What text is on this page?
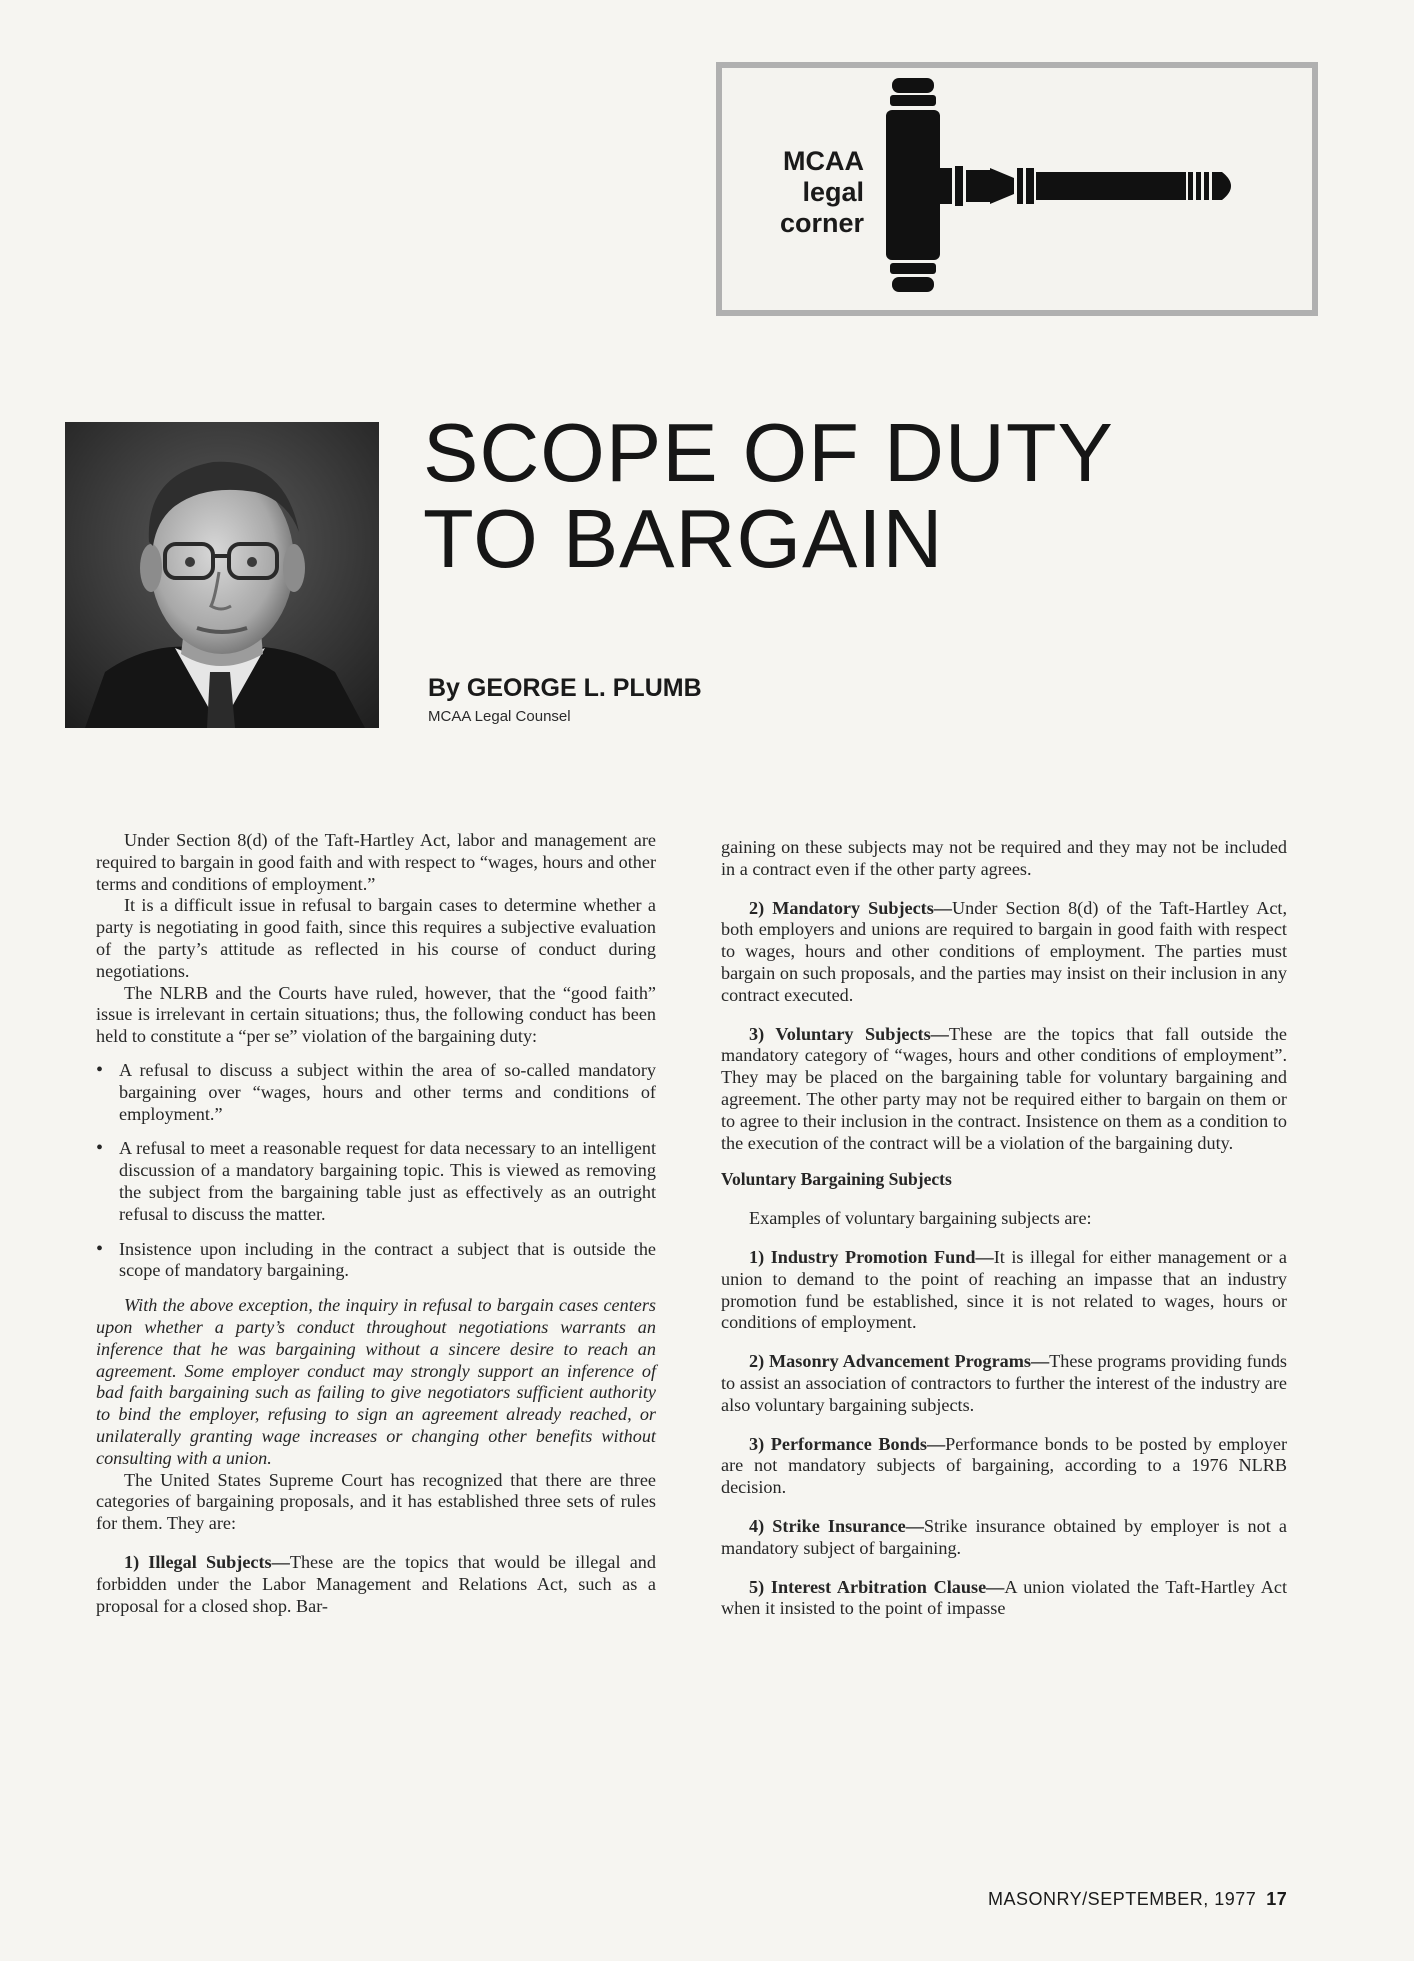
MCAA
legal
corner
SCOPE OF DUTY
TO BARGAIN
By GEORGE L. PLUMB
MCAA Legal Counsel

Under Section 8(d) of the Taft-Hartley Act, labor and management are required to bargain in good faith and with respect to “wages, hours and other terms and conditions of employment.”

It is a difficult issue in refusal to bargain cases to determine whether a party is negotiating in good faith, since this requires a subjective evaluation of the party’s attitude as reflected in his course of conduct during negotiations.

The NLRB and the Courts have ruled, however, that the “good faith” issue is irrelevant in certain situations; thus, the following conduct has been held to constitute a “per se” violation of the bargaining duty:

• A refusal to discuss a subject within the area of so-called mandatory bargaining over “wages, hours and other terms and conditions of employment.”
• A refusal to meet a reasonable request for data necessary to an intelligent discussion of a mandatory bargaining topic. This is viewed as removing the subject from the bargaining table just as effectively as an outright refusal to discuss the matter.
• Insistence upon including in the contract a subject that is outside the scope of mandatory bargaining.

With the above exception, the inquiry in refusal to bargain cases centers upon whether a party’s conduct throughout negotiations warrants an inference that he was bargaining without a sincere desire to reach an agreement. Some employer conduct may strongly support an inference of bad faith bargaining such as failing to give negotiators sufficient authority to bind the employer, refusing to sign an agreement already reached, or unilaterally granting wage increases or changing other benefits without consulting with a union.

The United States Supreme Court has recognized that there are three categories of bargaining proposals, and it has established three sets of rules for them. They are:

1) Illegal Subjects—These are the topics that would be illegal and forbidden under the Labor Management and Relations Act, such as a proposal for a closed shop. Bar-

gaining on these subjects may not be required and they may not be included in a contract even if the other party agrees.

2) Mandatory Subjects—Under Section 8(d) of the Taft-Hartley Act, both employers and unions are required to bargain in good faith with respect to wages, hours and other conditions of employment. The parties must bargain on such proposals, and the parties may insist on their inclusion in any contract executed.

3) Voluntary Subjects—These are the topics that fall outside the mandatory category of “wages, hours and other conditions of employment”. They may be placed on the bargaining table for voluntary bargaining and agreement. The other party may not be required either to bargain on them or to agree to their inclusion in the contract. Insistence on them as a condition to the execution of the contract will be a violation of the bargaining duty.

Voluntary Bargaining Subjects

Examples of voluntary bargaining subjects are:

1) Industry Promotion Fund—It is illegal for either management or a union to demand to the point of reaching an impasse that an industry promotion fund be established, since it is not related to wages, hours or conditions of employment.

2) Masonry Advancement Programs—These programs providing funds to assist an association of contractors to further the interest of the industry are also voluntary bargaining subjects.

3) Performance Bonds—Performance bonds to be posted by employer are not mandatory subjects of bargaining, according to a 1976 NLRB decision.

4) Strike Insurance—Strike insurance obtained by employer is not a mandatory subject of bargaining.

5) Interest Arbitration Clause—A union violated the Taft-Hartley Act when it insisted to the point of impasse

MASONRY/SEPTEMBER, 1977 17
